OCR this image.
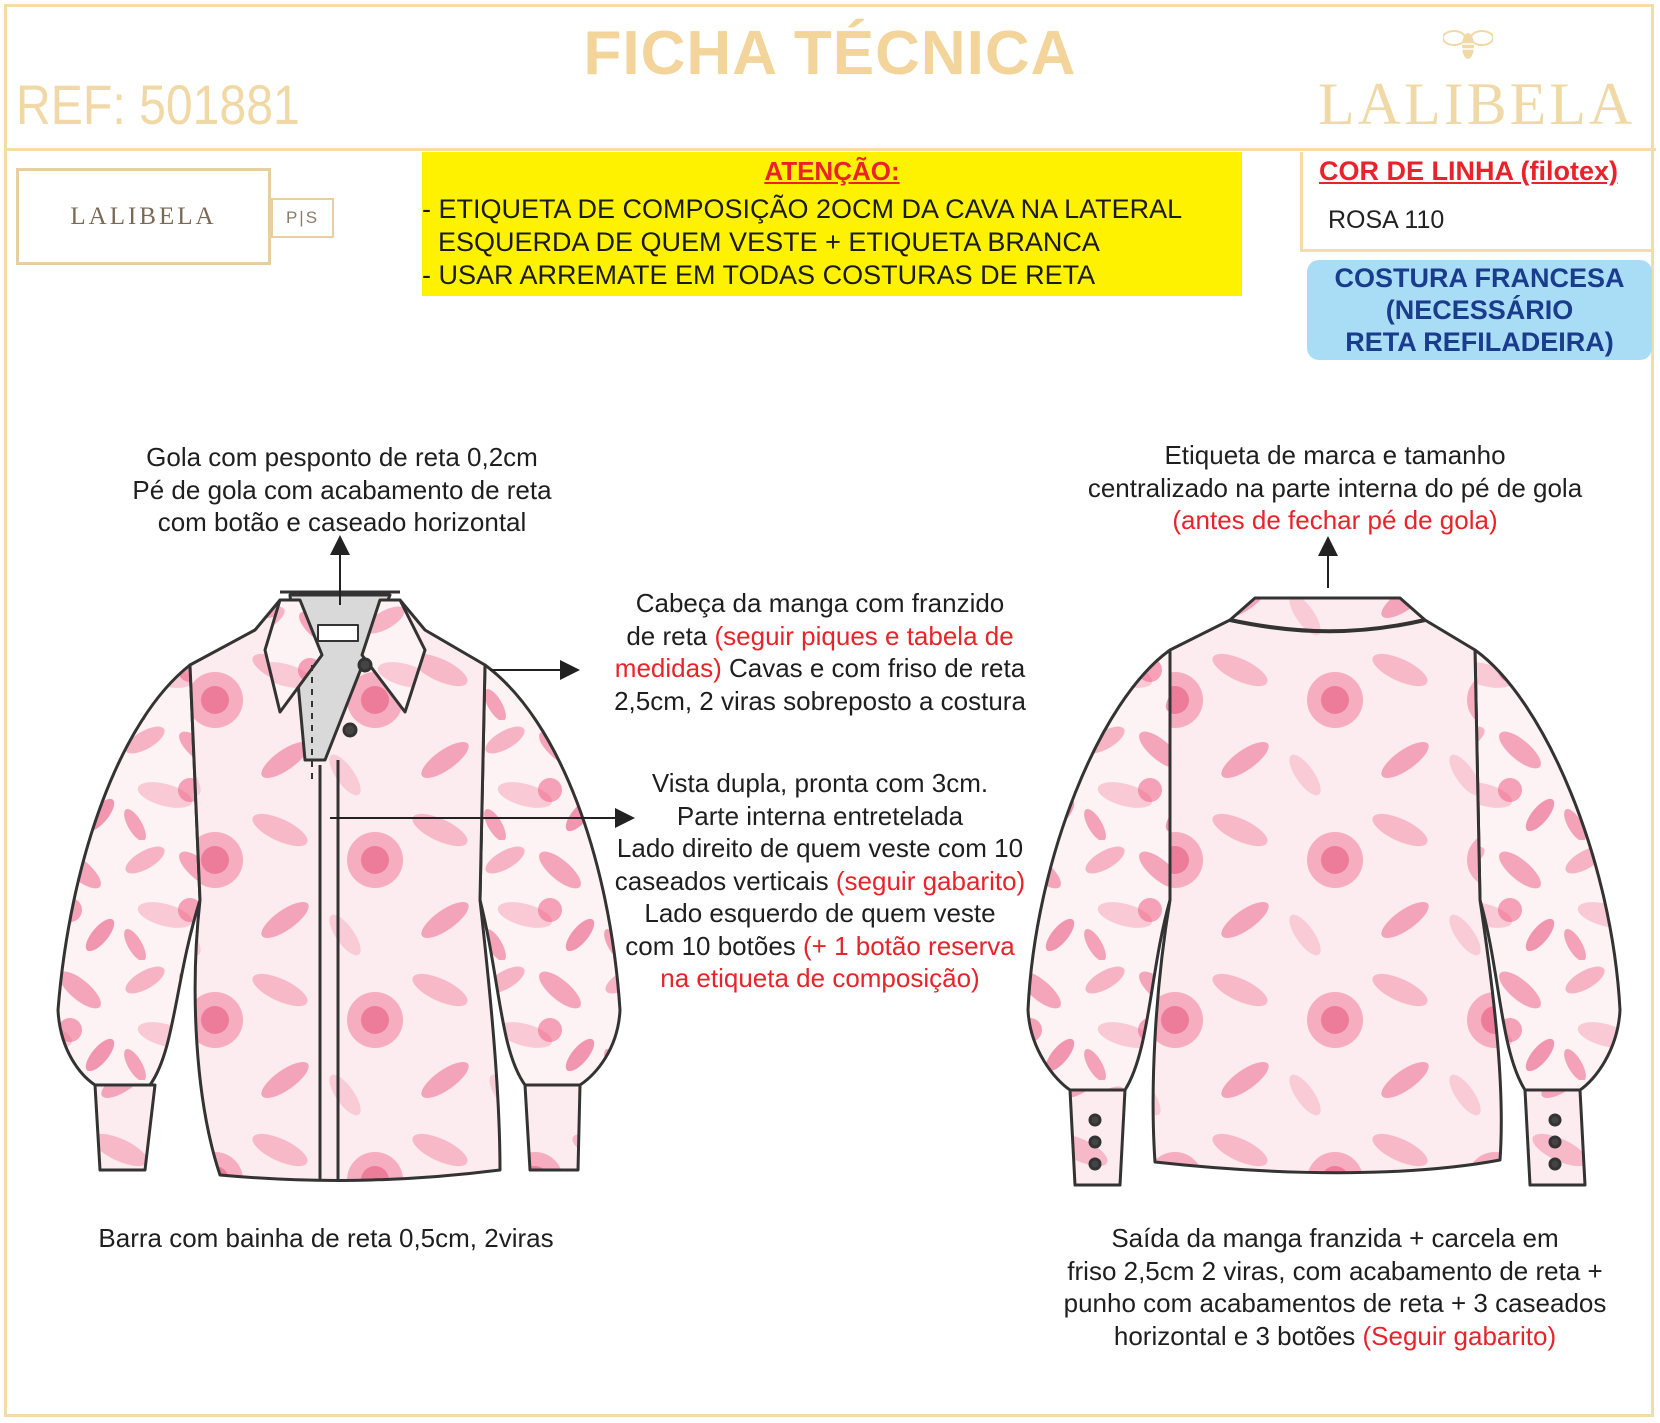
FICHA TÉCNICA
REF: 501881	LALIBELA
LALIBELA	P|S
ATENÇÃO:
- ETIQUETA DE COMPOSIÇÃO 2OCM DA CAVA NA LATERAL
ESQUERDA DE QUEM VESTE + ETIQUETA BRANCA
- USAR ARREMATE EM TODAS COSTURAS DE RETA
COR DE LINHA (filotex)
ROSA 110
COSTURA FRANCESA
(NECESSÁRIO
RETA REFILADEIRA)
Gola com pesponto de reta 0,2cm
Pé de gola com acabamento de reta
com botão e caseado horizontal
Cabeça da manga com franzido
de reta (seguir piques e tabela de
medidas) Cavas e com friso de reta
2,5cm, 2 viras sobreposto a costura
Vista dupla, pronta com 3cm.
Parte interna entretelada
Lado direito de quem veste com 10
caseados verticais (seguir gabarito)
Lado esquerdo de quem veste
com 10 botões (+ 1 botão reserva
na etiqueta de composição)
Barra com bainha de reta 0,5cm, 2viras
Etiqueta de marca e tamanho
centralizado na parte interna do pé de gola
(antes de fechar pé de gola)
Saída da manga franzida + carcela em
friso 2,5cm 2 viras, com acabamento de reta +
punho com acabamentos de reta + 3 caseados
horizontal e 3 botões (Seguir gabarito)
